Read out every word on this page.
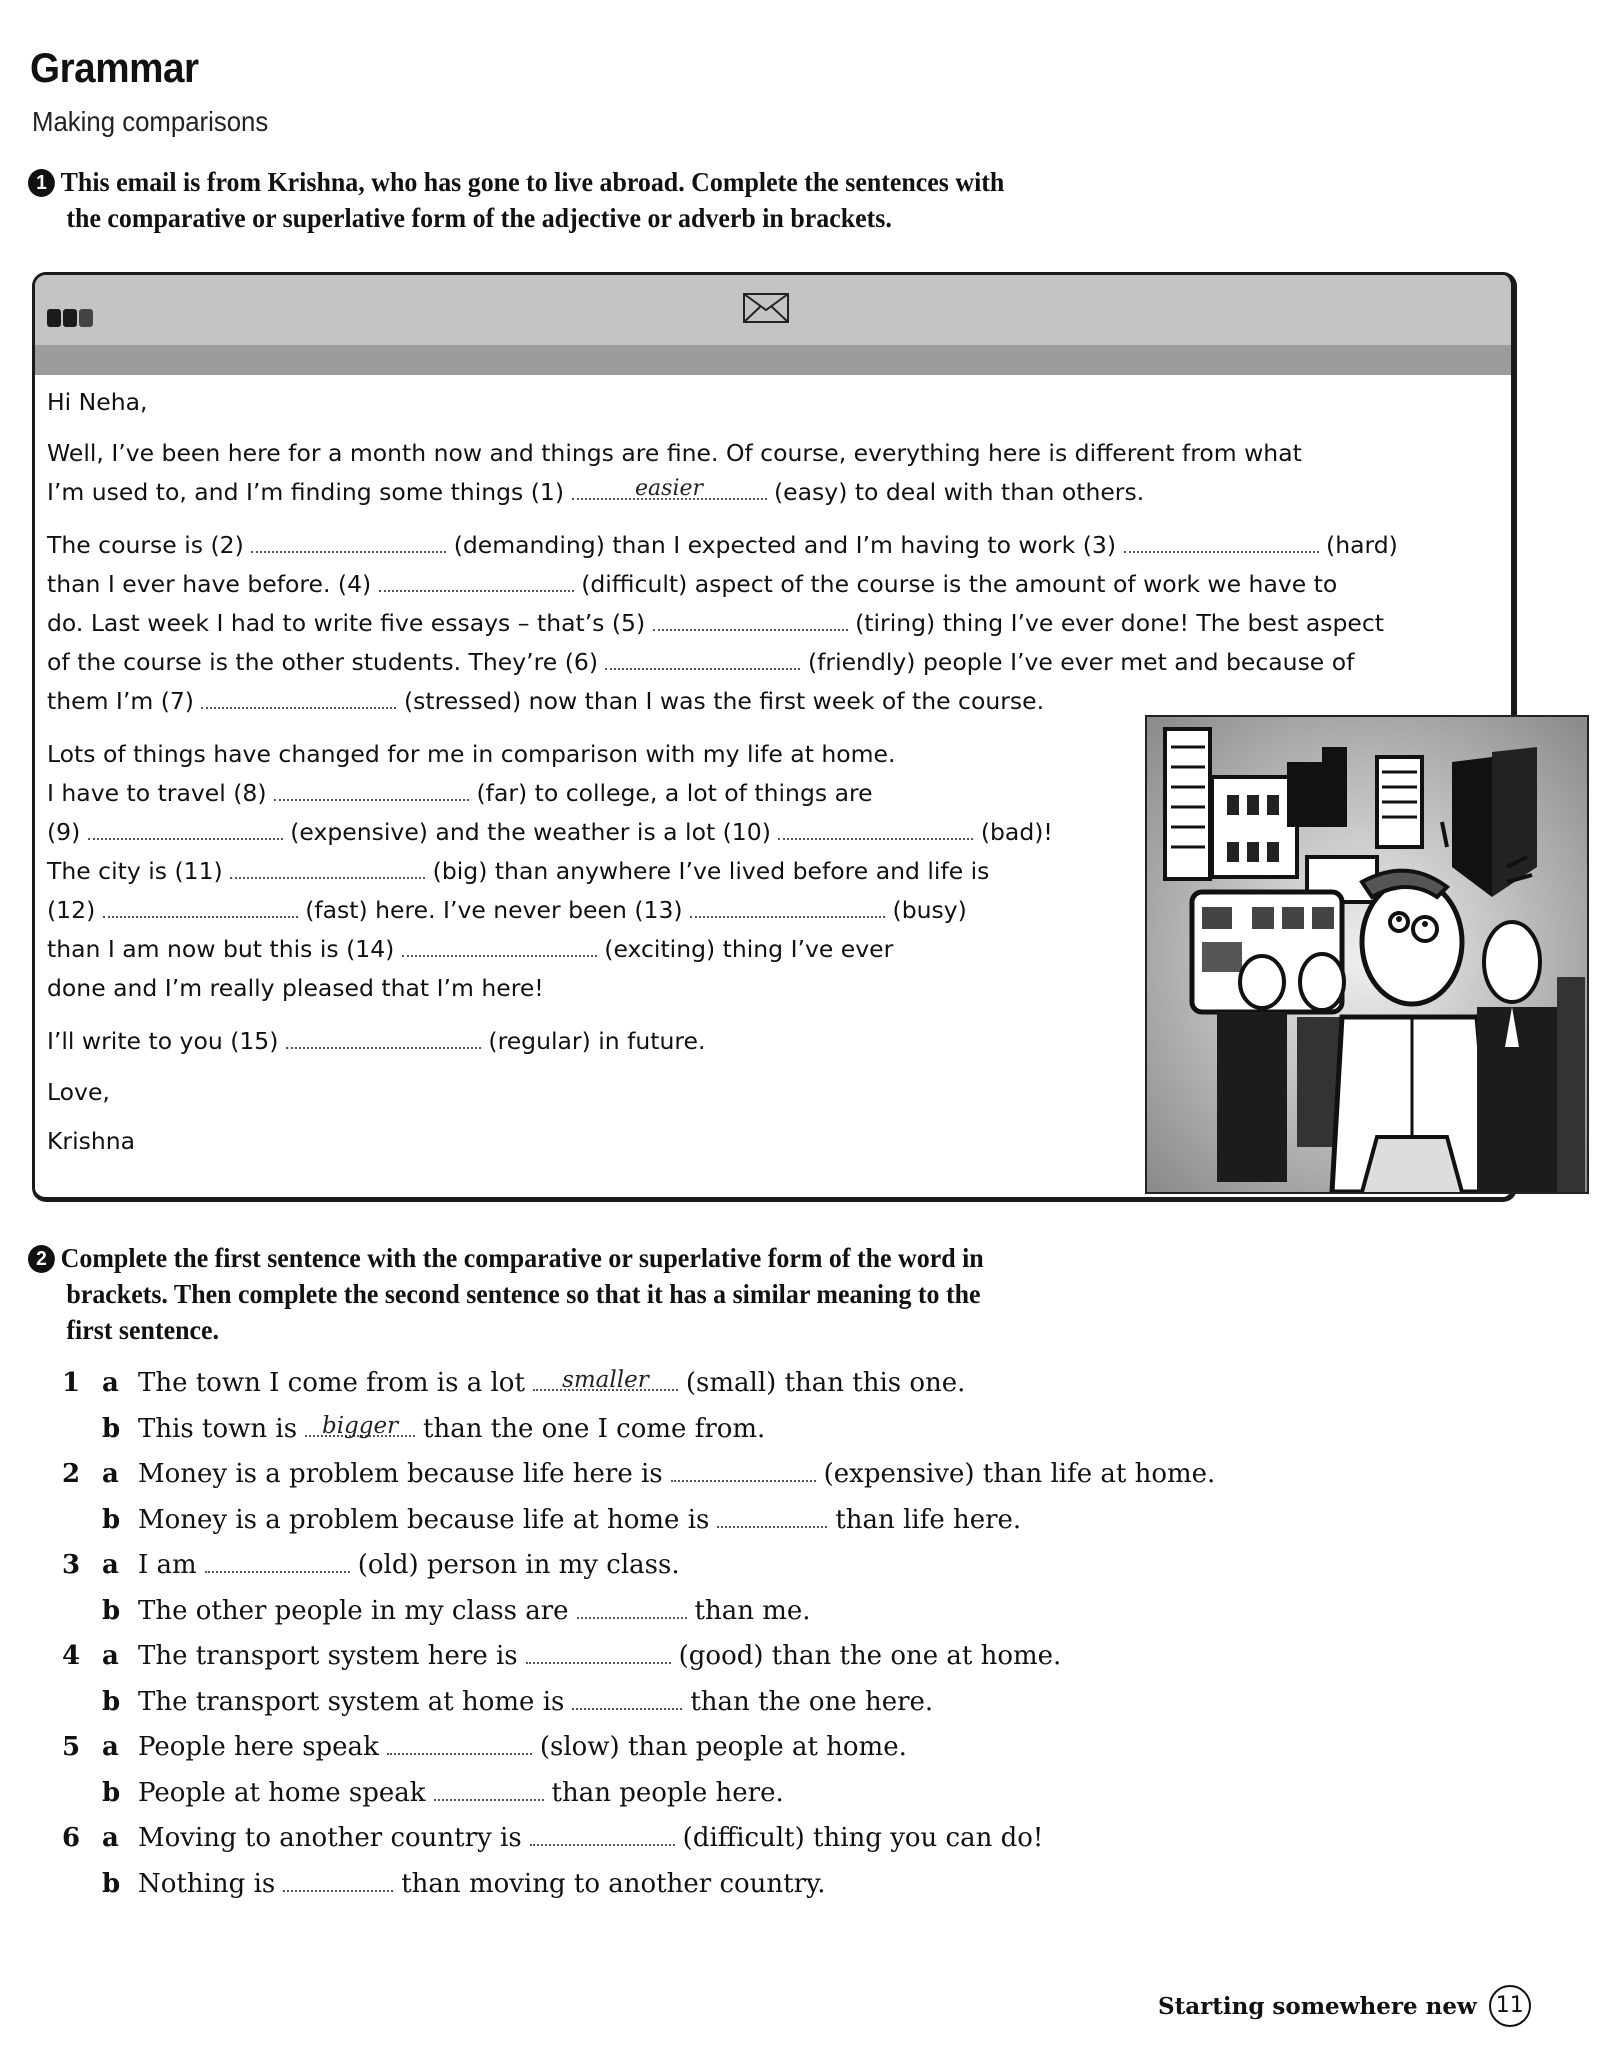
Grammar
Making comparisons
1 This email is from Krishna, who has gone to live abroad. Complete the sentences with
the comparative or superlative form of the adjective or adverb in brackets.

Hi Neha,

Well, I’ve been here for a month now and things are fine. Of course, everything here is different from what
I’m used to, and I’m finding some things (1)	easier	(easy) to deal with than others.

The course is (2)	(demanding) than I expected and I’m having to work (3)	(hard)
than I ever have before. (4)	(difficult) aspect of the course is the amount of work we have to
do. Last week I had to write five essays – that’s (5)	(tiring) thing I’ve ever done! The best aspect
of the course is the other students. They’re (6)	(friendly) people I’ve ever met and because of
them I’m (7)	(stressed) now than I was the first week of the course.

Lots of things have changed for me in comparison with my life at home.
I have to travel (8)	(far) to college, a lot of things are
(9)	(expensive) and the weather is a lot (10)	(bad)!
The city is (11)	(big) than anywhere I’ve lived before and life is
(12)	(fast) here. I’ve never been (13)	(busy)
than I am now but this is (14)	(exciting) thing I’ve ever
done and I’m really pleased that I’m here!

I’ll write to you (15)	(regular) in future.

Love,

Krishna

2 Complete the first sentence with the comparative or superlative form of the word in
brackets. Then complete the second sentence so that it has a similar meaning to the
first sentence.
1 a The town I come from is a lot	smaller	(small) than this one.
b This town is	bigger than the one I come from.
2 a Money is a problem because life here is	(expensive) than life at home.
b Money is a problem because life at home is	than life here.
3 a I am	(old) person in my class.
b The other people in my class are	than me.
4 a The transport system here is	(good) than the one at home.
b The transport system at home is	than the one here.
5 a People here speak	(slow) than people at home.
b People at home speak	than people here.
6 a Moving to another country is	(difficult) thing you can do!
b Nothing is	than moving to another country.
Starting somewhere new 11
